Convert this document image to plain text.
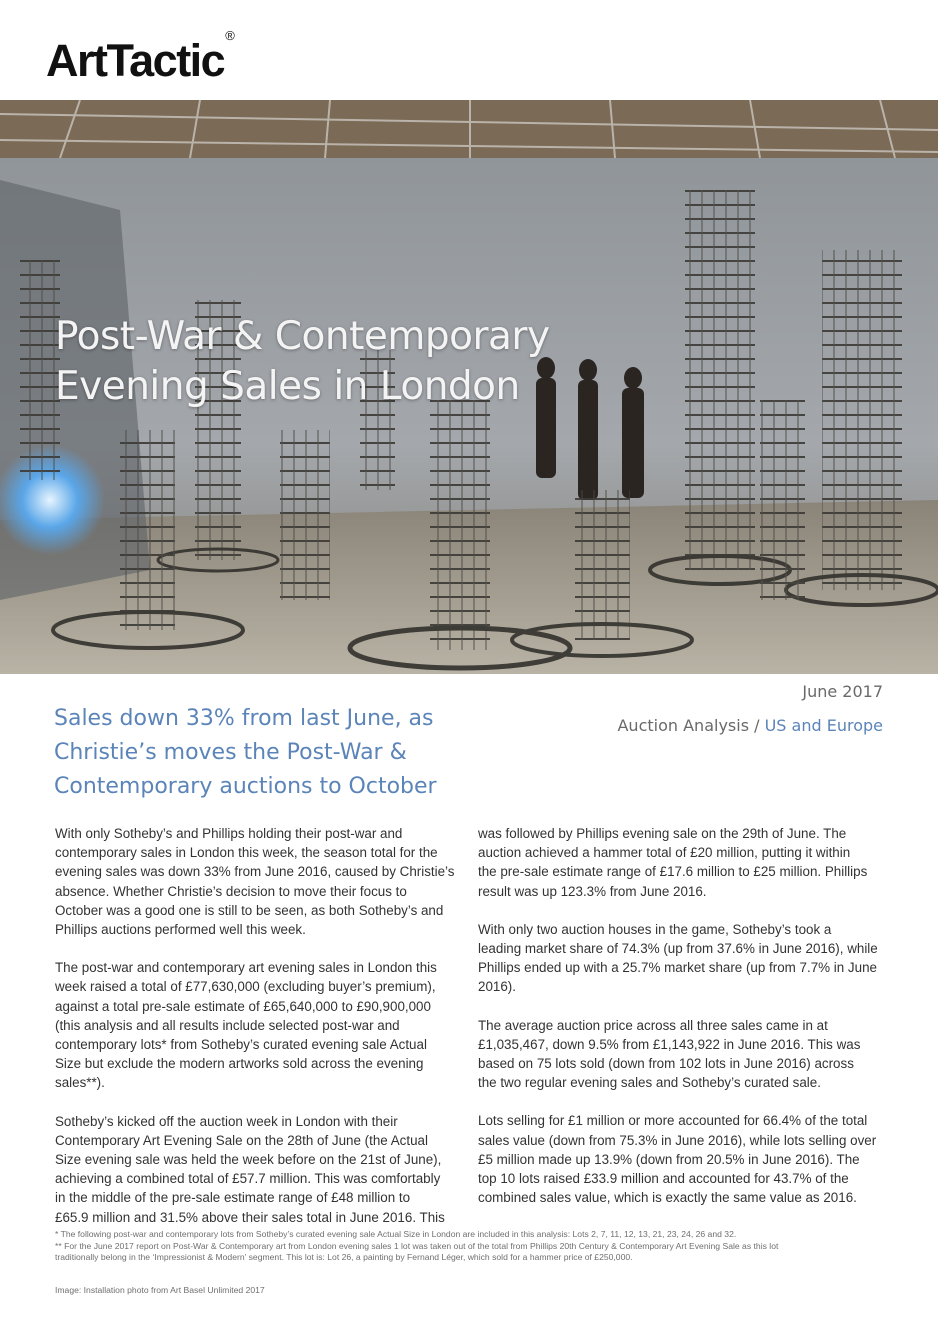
ArtTactic®
Post-War & Contemporary
Evening Sales in London
Sales down 33% from last June, as
Christie’s moves the Post-War &
Contemporary auctions to October
June 2017
Auction Analysis / US and Europe

With only Sotheby’s and Phillips holding their post-war and
contemporary sales in London this week, the season total for the
evening sales was down 33% from June 2016, caused by Christie’s
absence. Whether Christie’s decision to move their focus to
October was a good one is still to be seen, as both Sotheby’s and
Phillips auctions performed well this week.

The post-war and contemporary art evening sales in London this
week raised a total of £77,630,000 (excluding buyer’s premium),
against a total pre-sale estimate of £65,640,000 to £90,900,000
(this analysis and all results include selected post-war and
contemporary lots* from Sotheby’s curated evening sale Actual
Size but exclude the modern artworks sold across the evening
sales**).

Sotheby’s kicked off the auction week in London with their
Contemporary Art Evening Sale on the 28th of June (the Actual
Size evening sale was held the week before on the 21st of June),
achieving a combined total of £57.7 million. This was comfortably
in the middle of the pre-sale estimate range of £48 million to
£65.9 million and 31.5% above their sales total in June 2016. This

was followed by Phillips evening sale on the 29th of June. The
auction achieved a hammer total of £20 million, putting it within
the pre-sale estimate range of £17.6 million to £25 million. Phillips
result was up 123.3% from June 2016.

With only two auction houses in the game, Sotheby’s took a
leading market share of 74.3% (up from 37.6% in June 2016), while
Phillips ended up with a 25.7% market share (up from 7.7% in June
2016).

The average auction price across all three sales came in at
£1,035,467, down 9.5% from £1,143,922 in June 2016. This was
based on 75 lots sold (down from 102 lots in June 2016) across
the two regular evening sales and Sotheby’s curated sale.

Lots selling for £1 million or more accounted for 66.4% of the total
sales value (down from 75.3% in June 2016), while lots selling over
£5 million made up 13.9% (down from 20.5% in June 2016). The
top 10 lots raised £33.9 million and accounted for 43.7% of the
combined sales value, which is exactly the same value as 2016.

* The following post-war and contemporary lots from Sotheby’s curated evening sale Actual Size in London are included in this analysis: Lots 2, 7, 11, 12, 13, 21, 23, 24, 26 and 32.
** For the June 2017 report on Post-War & Contemporary art from London evening sales 1 lot was taken out of the total from Phillips 20th Century & Contemporary Art Evening Sale as this lot
traditionally belong in the ‘Impressionist & Modern’ segment. This lot is: Lot 26, a painting by Fernand Léger, which sold for a hammer price of £250,000.
Image: Installation photo from Art Basel Unlimited 2017
